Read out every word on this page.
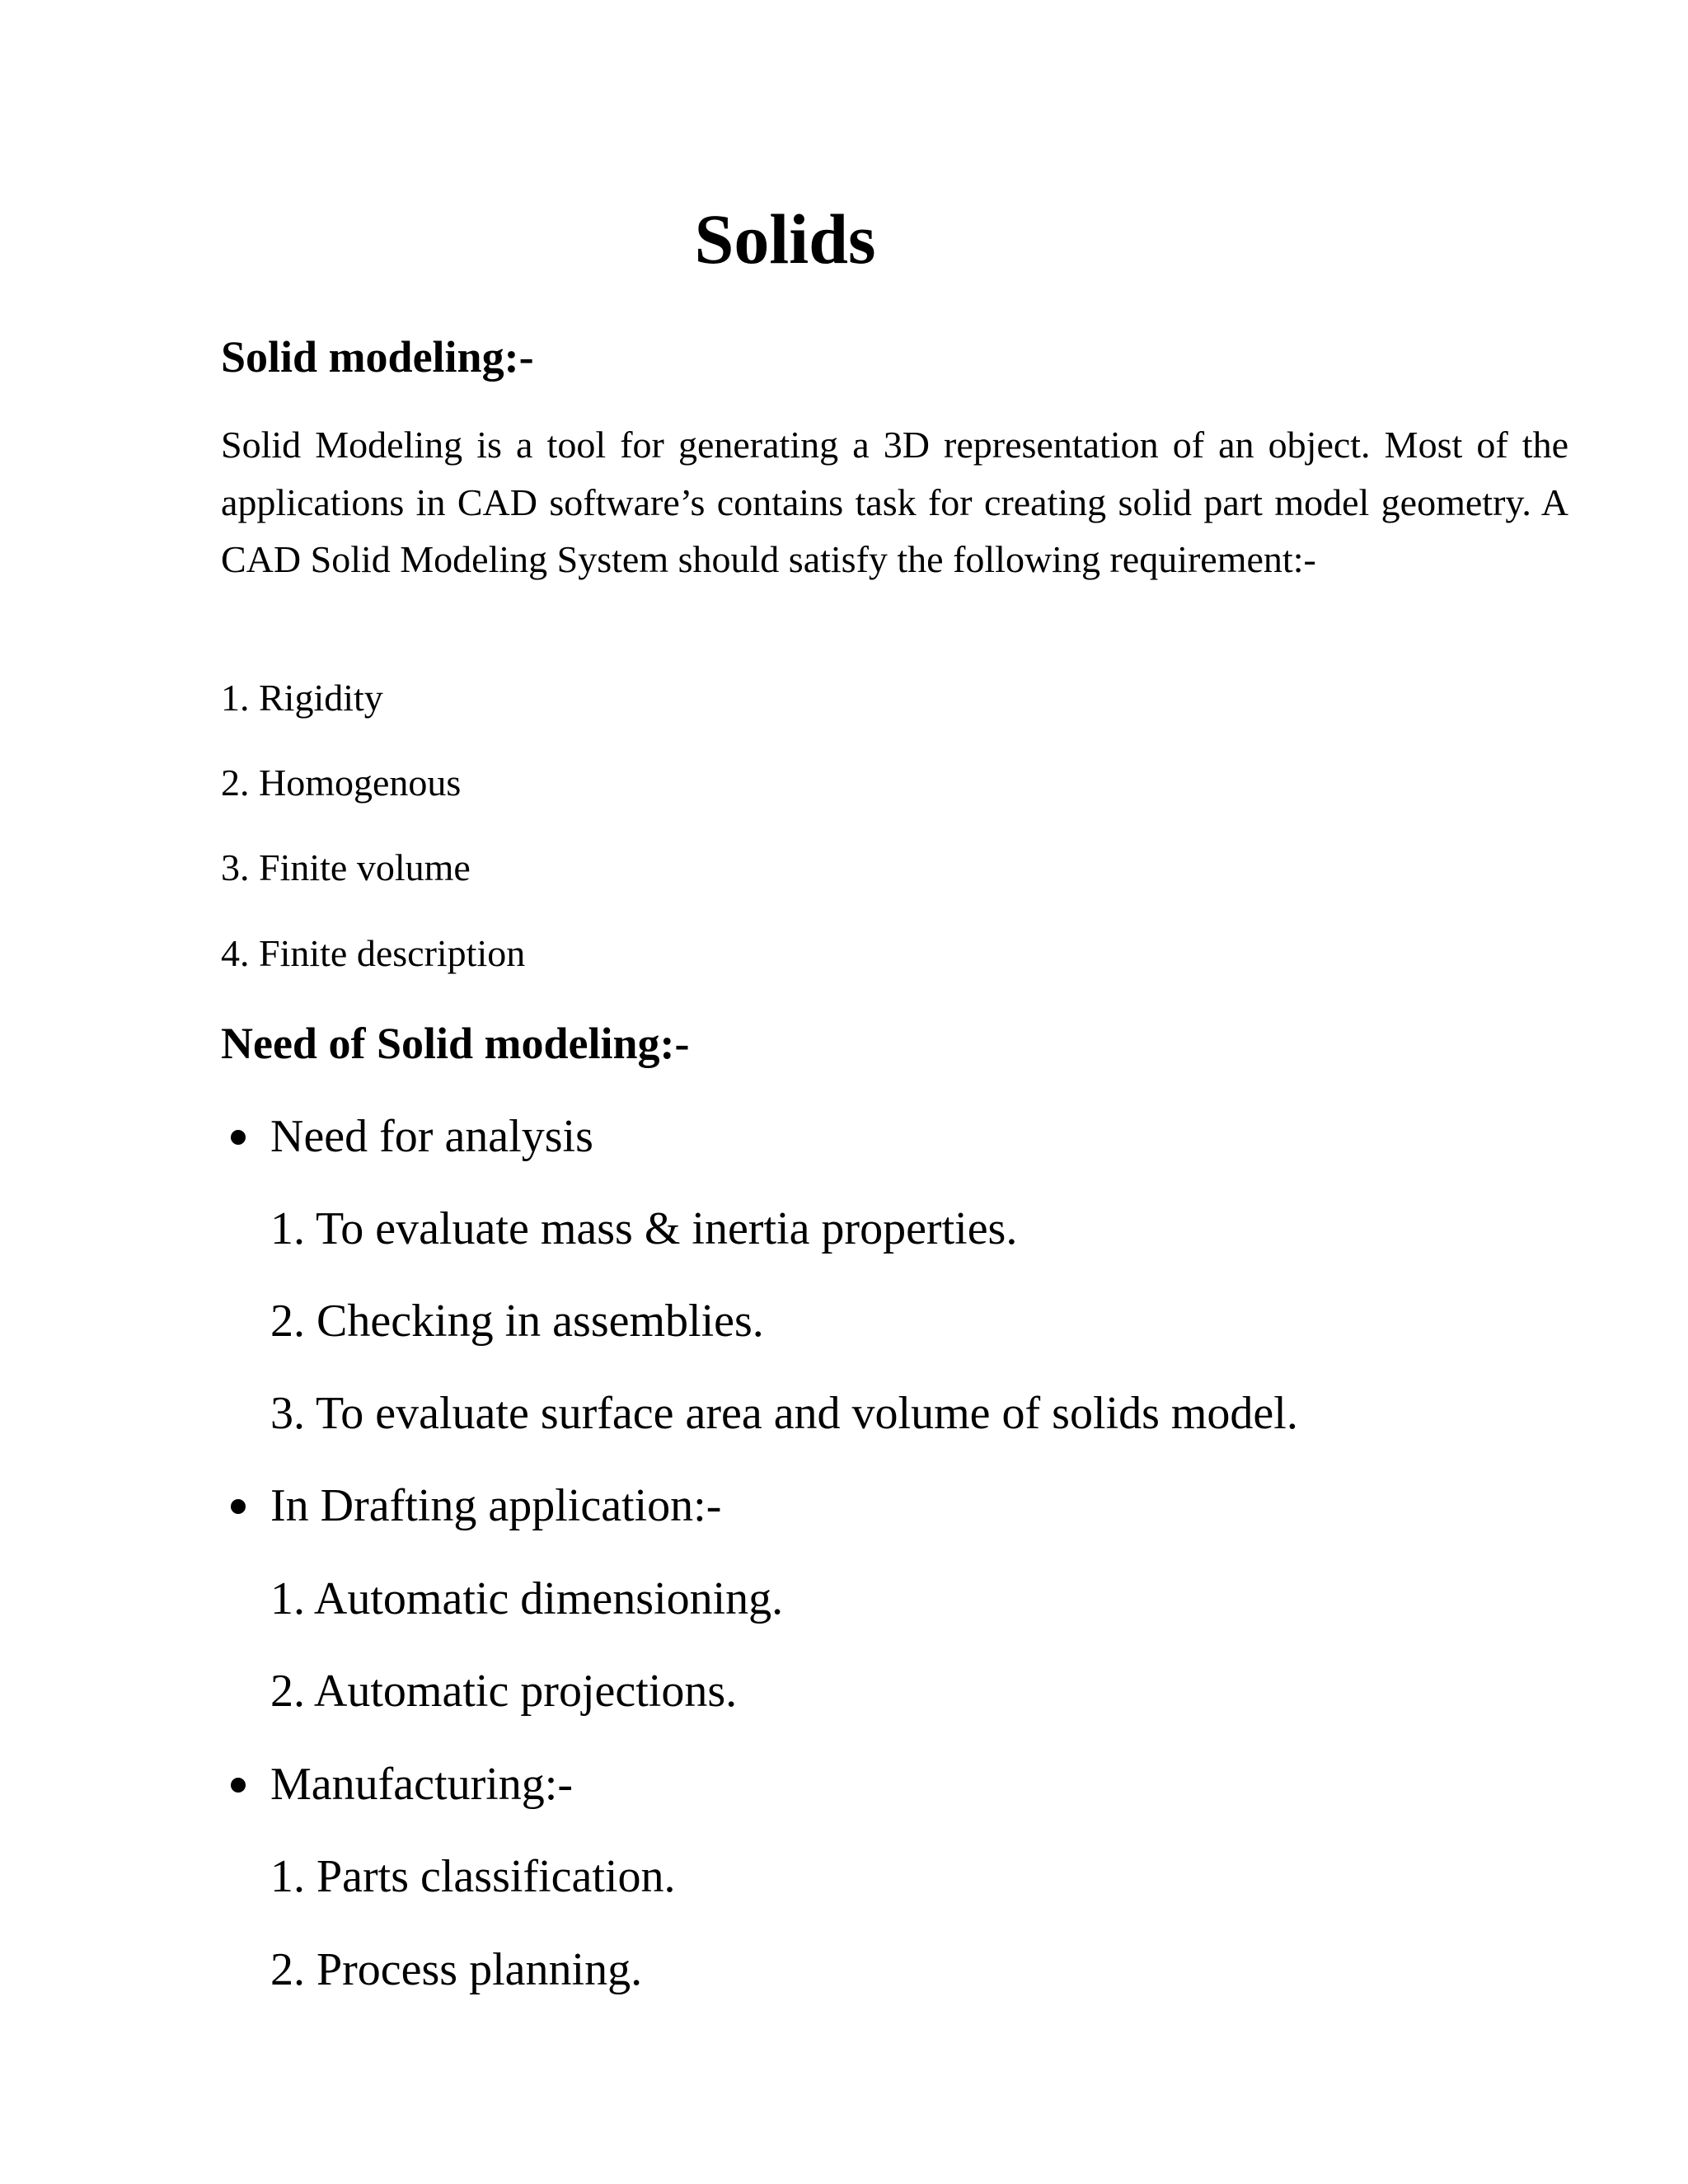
Solids
Solid modeling:-

Solid Modeling is a tool for generating a 3D representation of an object. Most of the applications in CAD software’s contains task for creating solid part model geometry. A CAD Solid Modeling System should satisfy the following requirement:-

1. Rigidity

2. Homogenous

3. Finite volume

4. Finite description

Need of Solid modeling:-
Need for analysis

1. To evaluate mass & inertia properties.

2. Checking in assemblies.

3. To evaluate surface area and volume of solids model.

In Drafting application:-

1. Automatic dimensioning.

2. Automatic projections.

Manufacturing:-

1. Parts classification.

2. Process planning.
